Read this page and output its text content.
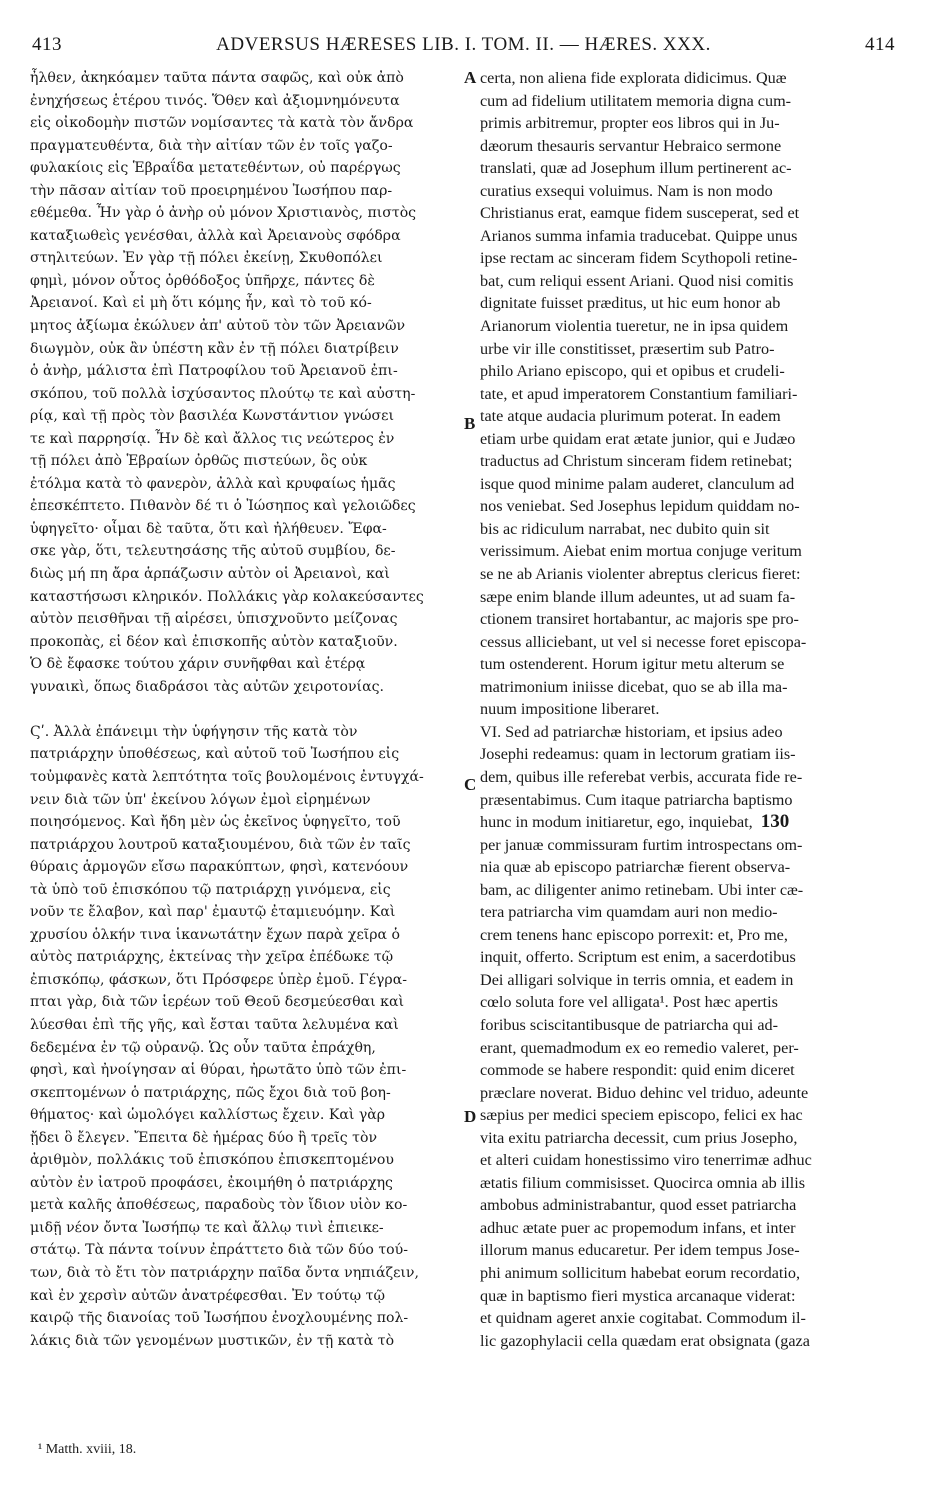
413	ADVERSUS HÆRESES LIB. I. TOM. II. — HÆRES. XXX.	414
ἦλθεν, ἀκηκόαμεν ταῦτα πάντα σαφῶς, καὶ οὐκ ἀπὸ
ἐνηχήσεως ἑτέρου τινός. Ὅθεν καὶ ἀξιομνημόνευτα
εἰς οἰκοδομὴν πιστῶν νομίσαντες τὰ κατὰ τὸν ἄνδρα
πραγματευθέντα, διὰ τὴν αἰτίαν τῶν ἐν τοῖς γαζο-
φυλακίοις εἰς Ἑβραΐδα μετατεθέντων, οὐ παρέργως
τὴν πᾶσαν αἰτίαν τοῦ προειρημένου Ἰωσήπου παρ-
εθέμεθα. Ἦν γὰρ ὁ ἀνὴρ οὐ μόνον Χριστιανὸς, πιστὸς
καταξιωθεὶς γενέσθαι, ἀλλὰ καὶ Ἀρειανοὺς σφόδρα
στηλιτεύων. Ἐν γὰρ τῇ πόλει ἐκείνῃ, Σκυθοπόλει
φημὶ, μόνον οὗτος ὀρθόδοξος ὑπῆρχε, πάντες δὲ
Ἀρειανοί. Καὶ εἰ μὴ ὅτι κόμης ἦν, καὶ τὸ τοῦ κό-
μητος ἀξίωμα ἐκώλυεν ἀπ' αὐτοῦ τὸν τῶν Ἀρειανῶν
διωγμὸν, οὐκ ἂν ὑπέστη κἂν ἐν τῇ πόλει διατρίβειν
ὁ ἀνὴρ, μάλιστα ἐπὶ Πατροφίλου τοῦ Ἀρειανοῦ ἐπι-
σκόπου, τοῦ πολλὰ ἰσχύσαντος πλούτῳ τε καὶ αὐστη-
ρίᾳ, καὶ τῇ πρὸς τὸν βασιλέα Κωνστάντιον γνώσει
τε καὶ παρρησίᾳ. Ἦν δὲ καὶ ἄλλος τις νεώτερος ἐν
τῇ πόλει ἀπὸ Ἑβραίων ὀρθῶς πιστεύων, ὃς οὐκ
ἐτόλμα κατὰ τὸ φανερὸν, ἀλλὰ καὶ κρυφαίως ἡμᾶς
ἐπεσκέπτετο. Πιθανὸν δέ τι ὁ Ἰώσηπος καὶ γελοιῶδες
ὑφηγεῖτο· οἶμαι δὲ ταῦτα, ὅτι καὶ ἠλήθευεν. Ἔφα-
σκε γὰρ, ὅτι, τελευτησάσης τῆς αὐτοῦ συμβίου, δε-
διὼς μή πη ἄρα ἁρπάζωσιν αὐτὸν οἱ Ἀρειανοὶ, καὶ
καταστήσωσι κληρικόν. Πολλάκις γὰρ κολακεύσαντες
αὐτὸν πεισθῆναι τῇ αἱρέσει, ὑπισχνοῦντο μείζονας
προκοπὰς, εἰ δέον καὶ ἐπισκοπῆς αὐτὸν καταξιοῦν.
Ὁ δὲ ἔφασκε τούτου χάριν συνῆφθαι καὶ ἑτέρᾳ
γυναικὶ, ὅπως διαδράσοι τὰς αὐτῶν χειροτονίας.
Ϛʹ. Ἀλλὰ ἐπάνειμι τὴν ὑφήγησιν τῆς κατὰ τὸν
πατριάρχην ὑποθέσεως, καὶ αὐτοῦ τοῦ Ἰωσήπου εἰς
τοὐμφανὲς κατὰ λεπτότητα τοῖς βουλομένοις ἐντυγχά-
νειν διὰ τῶν ὑπ' ἐκείνου λόγων ἐμοὶ εἰρημένων
ποιησόμενος. Καὶ ἤδη μὲν ὡς ἐκεῖνος ὑφηγεῖτο, τοῦ
πατριάρχου λουτροῦ καταξιουμένου, διὰ τῶν ἐν ταῖς
θύραις ἁρμογῶν εἴσω παρακύπτων, φησὶ, κατενόουν
τὰ ὑπὸ τοῦ ἐπισκόπου τῷ πατριάρχῃ γινόμενα, εἰς
νοῦν τε ἔλαβον, καὶ παρ' ἐμαυτῷ ἐταμιευόμην. Καὶ
χρυσίου ὁλκήν τινα ἱκανωτάτην ἔχων παρὰ χεῖρα ὁ
αὐτὸς πατριάρχης, ἐκτείνας τὴν χεῖρα ἐπέδωκε τῷ
ἐπισκόπῳ, φάσκων, ὅτι Πρόσφερε ὑπὲρ ἐμοῦ. Γέγρα-
πται γὰρ, διὰ τῶν ἱερέων τοῦ Θεοῦ δεσμεύεσθαι καὶ
λύεσθαι ἐπὶ τῆς γῆς, καὶ ἔσται ταῦτα λελυμένα καὶ
δεδεμένα ἐν τῷ οὐρανῷ. Ὡς οὖν ταῦτα ἐπράχθη,
φησὶ, καὶ ἠνοίγησαν αἱ θύραι, ἠρωτᾶτο ὑπὸ τῶν ἐπι-
σκεπτομένων ὁ πατριάρχης, πῶς ἔχοι διὰ τοῦ βοη-
θήματος· καὶ ὡμολόγει καλλίστως ἔχειν. Καὶ γὰρ
ᾔδει ὃ ἔλεγεν. Ἔπειτα δὲ ἡμέρας δύο ἢ τρεῖς τὸν
ἀριθμὸν, πολλάκις τοῦ ἐπισκόπου ἐπισκεπτομένου
αὐτὸν ἐν ἰατροῦ προφάσει, ἐκοιμήθη ὁ πατριάρχης
μετὰ καλῆς ἀποθέσεως, παραδοὺς τὸν ἴδιον υἱὸν κο-
μιδῇ νέον ὄντα Ἰωσήπῳ τε καὶ ἄλλῳ τινὶ ἐπιεικε-
στάτῳ. Τὰ πάντα τοίνυν ἐπράττετο διὰ τῶν δύο τού-
των, διὰ τὸ ἔτι τὸν πατριάρχην παῖδα ὄντα νηπιάζειν,
καὶ ἐν χερσὶν αὐτῶν ἀνατρέφεσθαι. Ἐν τούτῳ τῷ
καιρῷ τῆς διανοίας τοῦ Ἰωσήπου ἐνοχλουμένης πολ-
λάκις διὰ τῶν γενομένων μυστικῶν, ἐν τῇ κατὰ τὸ
certa, non aliena fide explorata didicimus. Quæ
cum ad fidelium utilitatem memoria digna cum-
primis arbitremur, propter eos libros qui in Ju-
dæorum thesauris servantur Hebraico sermone
translati, quæ ad Josephum illum pertinerent ac-
curatius exsequi voluimus. Nam is non modo
Christianus erat, eamque fidem susceperat, sed et
Arianos summa infamia traducebat. Quippe unus
ipse rectam ac sinceram fidem Scythopoli retine-
bat, cum reliqui essent Ariani. Quod nisi comitis
dignitate fuisset præditus, ut hic eum honor ab
Arianorum violentia tueretur, ne in ipsa quidem
urbe vir ille constitisset, præsertim sub Patro-
philo Ariano episcopo, qui et opibus et crudeli-
tate, et apud imperatorem Constantium familiari-
tate atque audacia plurimum poterat. In eadem
etiam urbe quidam erat ætate junior, qui e Judæo
traductus ad Christum sinceram fidem retinebat;
isque quod minime palam auderet, clanculum ad
nos veniebat. Sed Josephus lepidum quiddam no-
bis ac ridiculum narrabat, nec dubito quin sit
verissimum. Aiebat enim mortua conjuge veritum
se ne ab Arianis violenter abreptus clericus fieret:
sæpe enim blande illum adeuntes, ut ad suam fa-
ctionem transiret hortabantur, ac majoris spe pro-
cessus alliciebant, ut vel si necesse foret episcopa-
tum ostenderent. Horum igitur metu alterum se
matrimonium iniisse dicebat, quo se ab illa ma-
nuum impositione liberaret.
VI. Sed ad patriarchæ historiam, et ipsius adeo
Josephi redeamus: quam in lectorum gratiam iis-
dem, quibus ille referebat verbis, accurata fide re-
præsentabimus. Cum itaque patriarcha baptismo
hunc in modum initiaretur, ego, inquiebat, 130
per januæ commissuram furtim introspectans om-
nia quæ ab episcopo patriarchæ fierent observa-
bam, ac diligenter animo retinebam. Ubi inter cæ-
tera patriarcha vim quamdam auri non medio-
crem tenens hanc episcopo porrexit: et, Pro me,
inquit, offerto. Scriptum est enim, a sacerdotibus
Dei alligari solvique in terris omnia, et eadem in
cœlo soluta fore vel alligata¹. Post hæc apertis
foribus sciscitantibusque de patriarcha qui ad-
erant, quemadmodum ex eo remedio valeret, per-
commode se habere respondit: quid enim diceret
præclare noverat. Biduo dehinc vel triduo, adeunte
sæpius per medici speciem episcopo, felici ex hac
vita exitu patriarcha decessit, cum prius Josepho,
et alteri cuidam honestissimo viro tenerrimæ adhuc
ætatis filium commisisset. Quocirca omnia ab illis
ambobus administrabantur, quod esset patriarcha
adhuc ætate puer ac propemodum infans, et inter
illorum manus educaretur. Per idem tempus Jose-
phi animum sollicitum habebat eorum recordatio,
quæ in baptismo fieri mystica arcanaque viderat:
et quidnam ageret anxie cogitabat. Commodum il-
lic gazophylacii cella quædam erat obsignata (gaza
A
B
C
D
¹ Matth. xviii, 18.
